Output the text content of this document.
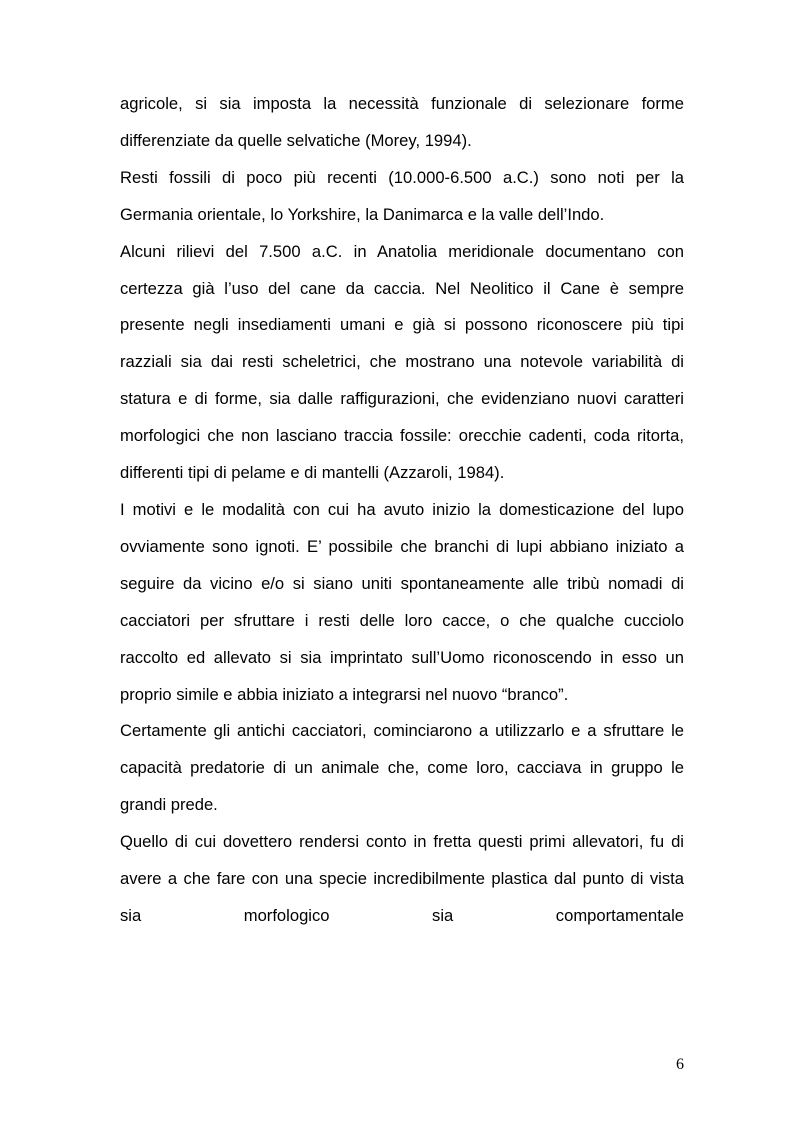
agricole, si sia imposta la necessità funzionale di selezionare forme differenziate da quelle selvatiche (Morey, 1994).

Resti fossili di poco più recenti (10.000-6.500 a.C.) sono noti per la Germania orientale, lo Yorkshire, la Danimarca e la valle dell’Indo.

Alcuni rilievi del 7.500 a.C. in Anatolia meridionale documentano con certezza già l’uso del cane da caccia. Nel Neolitico il Cane è sempre presente negli insediamenti umani e già si possono riconoscere più tipi razziali sia dai resti scheletrici, che mostrano una notevole variabilità di statura e di forme, sia dalle raffigurazioni, che evidenziano nuovi caratteri morfologici che non lasciano traccia fossile: orecchie cadenti, coda ritorta, differenti tipi di pelame e di mantelli (Azzaroli, 1984).

I motivi e le modalità con cui ha avuto inizio la domesticazione del lupo ovviamente sono ignoti. E’ possibile che branchi di lupi abbiano iniziato a seguire da vicino e/o si siano uniti spontaneamente alle tribù nomadi di cacciatori per sfruttare i resti delle loro cacce, o che qualche cucciolo raccolto ed allevato si sia imprintato sull’Uomo riconoscendo in esso un proprio simile e abbia iniziato a integrarsi nel nuovo “branco”.

Certamente gli antichi cacciatori, cominciarono a utilizzarlo e a sfruttare le capacità predatorie di un animale che, come loro, cacciava in gruppo le grandi prede.

Quello di cui dovettero rendersi conto in fretta questi primi allevatori, fu di avere a che fare con una specie incredibilmente plastica dal punto di vista sia morfologico sia comportamentale

6
